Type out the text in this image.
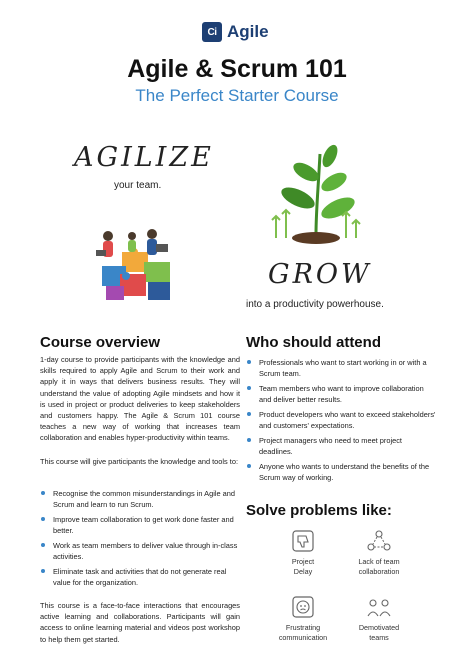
Ci Agile
Agile & Scrum 101
The Perfect Starter Course
AGILIZE
your team.
GROW
into a productivity powerhouse.
Course overview
1-day course to provide participants with the knowledge and skills required to apply Agile and Scrum to their work and apply it in ways that delivers business results. They will understand the value of adopting Agile mindsets and how it is used in project or product deliveries to keep stakeholders and customers happy. The Agile & Scrum 101 course teaches a new way of working that increases team collaboration and enables hyper-productivity within teams.
This course will give participants the knowledge and tools to:
Recognise the common misunderstandings in Agile and Scrum and learn to run Scrum.
Improve team collaboration to get work done faster and better.
Work as team members to deliver value through in-class activities.
Eliminate task and activities that do not generate real value for the organization.
This course is a face-to-face interactions that encourages active learning and collaborations. Participants will gain access to online learning material and videos post workshop to help them get started.
Who should attend
Professionals who want to start working in or with a Scrum team.
Team members who want to improve collaboration and deliver better results.
Product developers who want to exceed stakeholders' and customers' expectations.
Project managers who need to meet project deadlines.
Anyone who wants to understand the benefits of the Scrum way of working.
Solve problems like:
Project
Delay
Lack of team
collaboration
Frustrating
communication
Demotivated
teams
